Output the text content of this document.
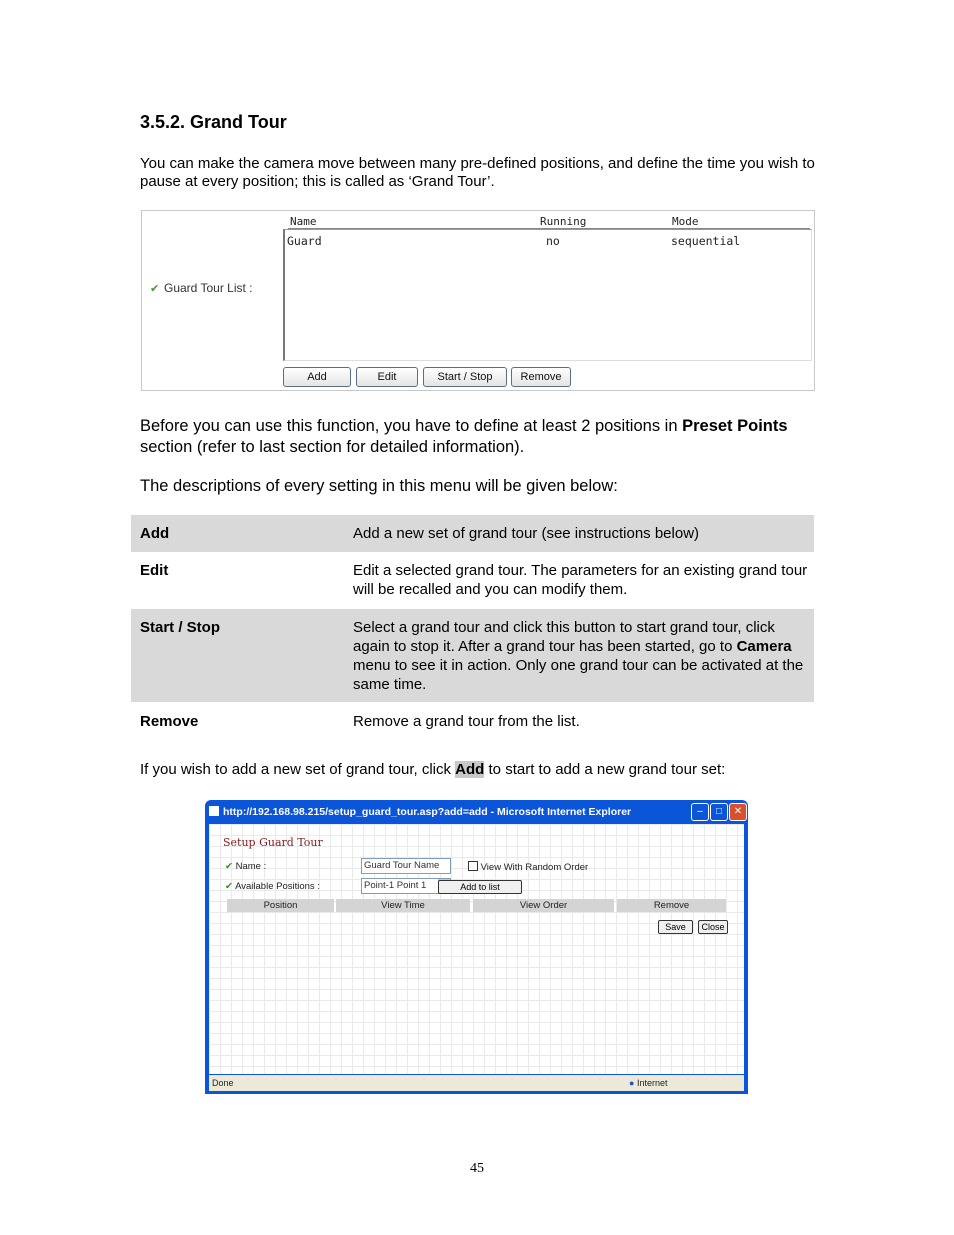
3.5.2. Grand Tour
You can make the camera move between many pre-defined positions, and define the time you wish to pause at every position; this is called as ‘Grand Tour’.
✔ Guard Tour List :
Name	Running	Mode
Guard	no	sequential
Add	Edit	Start / Stop	Remove
Before you can use this function, you have to define at least 2 positions in Preset Points section (refer to last section for detailed information).
The descriptions of every setting in this menu will be given below:
Add	Add a new set of grand tour (see instructions below)
Edit	Edit a selected grand tour. The parameters for an existing grand tour will be recalled and you can modify them.
Start / Stop	Select a grand tour and click this button to start grand tour, click again to stop it. After a grand tour has been started, go to Camera menu to see it in action. Only one grand tour can be activated at the same time.
Remove	Remove a grand tour from the list.
If you wish to add a new set of grand tour, click Add to start to add a new grand tour set:
http://192.168.98.215/setup_guard_tour.asp?add=add - Microsoft Internet Explorer	–	□	✕
Setup Guard Tour
✔ Name :	Guard Tour Name	View With Random Order
✔ Available Positions :	Point-1 Point 1	Add to list
Position	View Time	View Order	Remove
Save	Close
Done	● Internet
45
